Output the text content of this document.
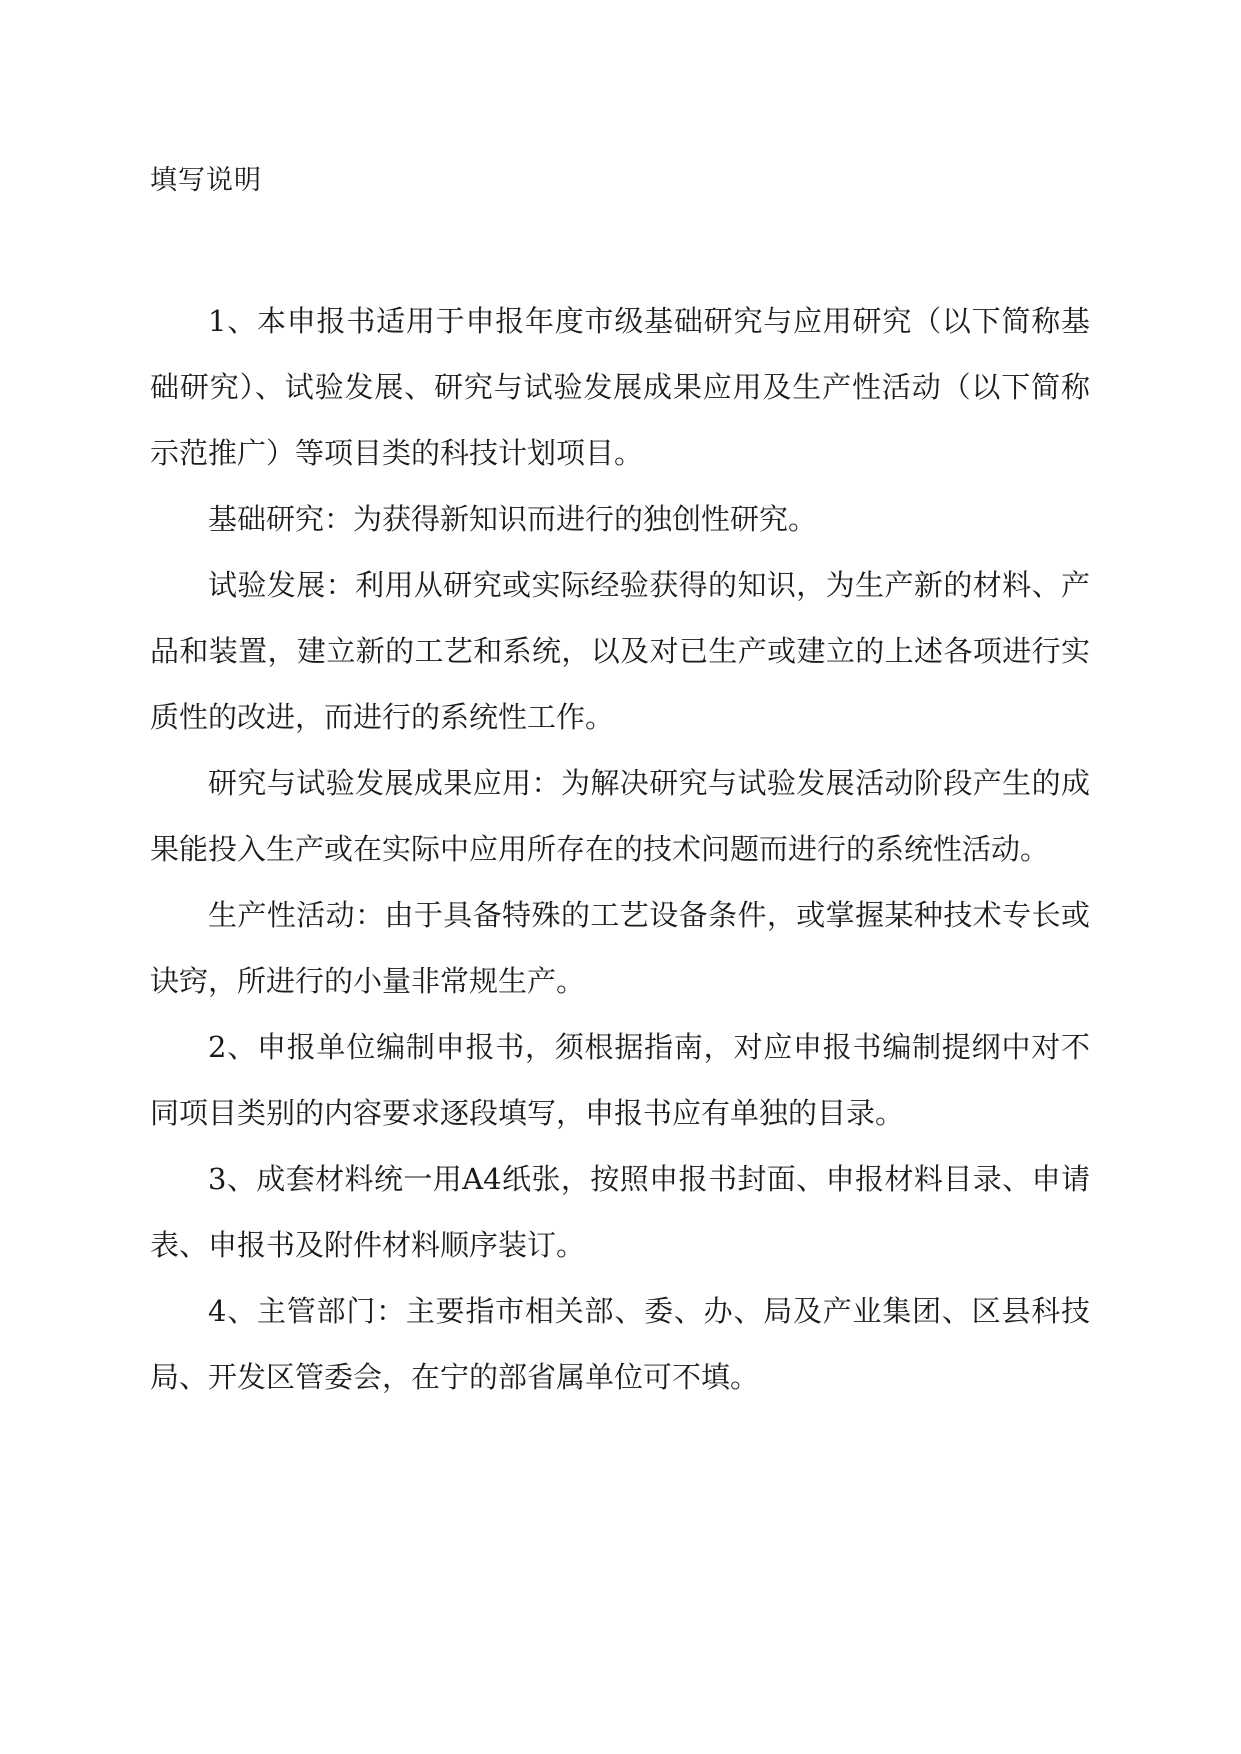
填写说明

1、本申报书适用于申报年度市级基础研究与应用研究（以下简称基础研究）、试验发展、研究与试验发展成果应用及生产性活动（以下简称示范推广）等项目类的科技计划项目。

基础研究：为获得新知识而进行的独创性研究。

试验发展：利用从研究或实际经验获得的知识，为生产新的材料、产品和装置，建立新的工艺和系统，以及对已生产或建立的上述各项进行实质性的改进，而进行的系统性工作。

研究与试验发展成果应用：为解决研究与试验发展活动阶段产生的成果能投入生产或在实际中应用所存在的技术问题而进行的系统性活动。

生产性活动：由于具备特殊的工艺设备条件，或掌握某种技术专长或诀窍，所进行的小量非常规生产。

2、申报单位编制申报书，须根据指南，对应申报书编制提纲中对不同项目类别的内容要求逐段填写，申报书应有单独的目录。

3、成套材料统一用A4纸张，按照申报书封面、申报材料目录、申请表、申报书及附件材料顺序装订。

4、主管部门：主要指市相关部、委、办、局及产业集团、区县科技局、开发区管委会，在宁的部省属单位可不填。
